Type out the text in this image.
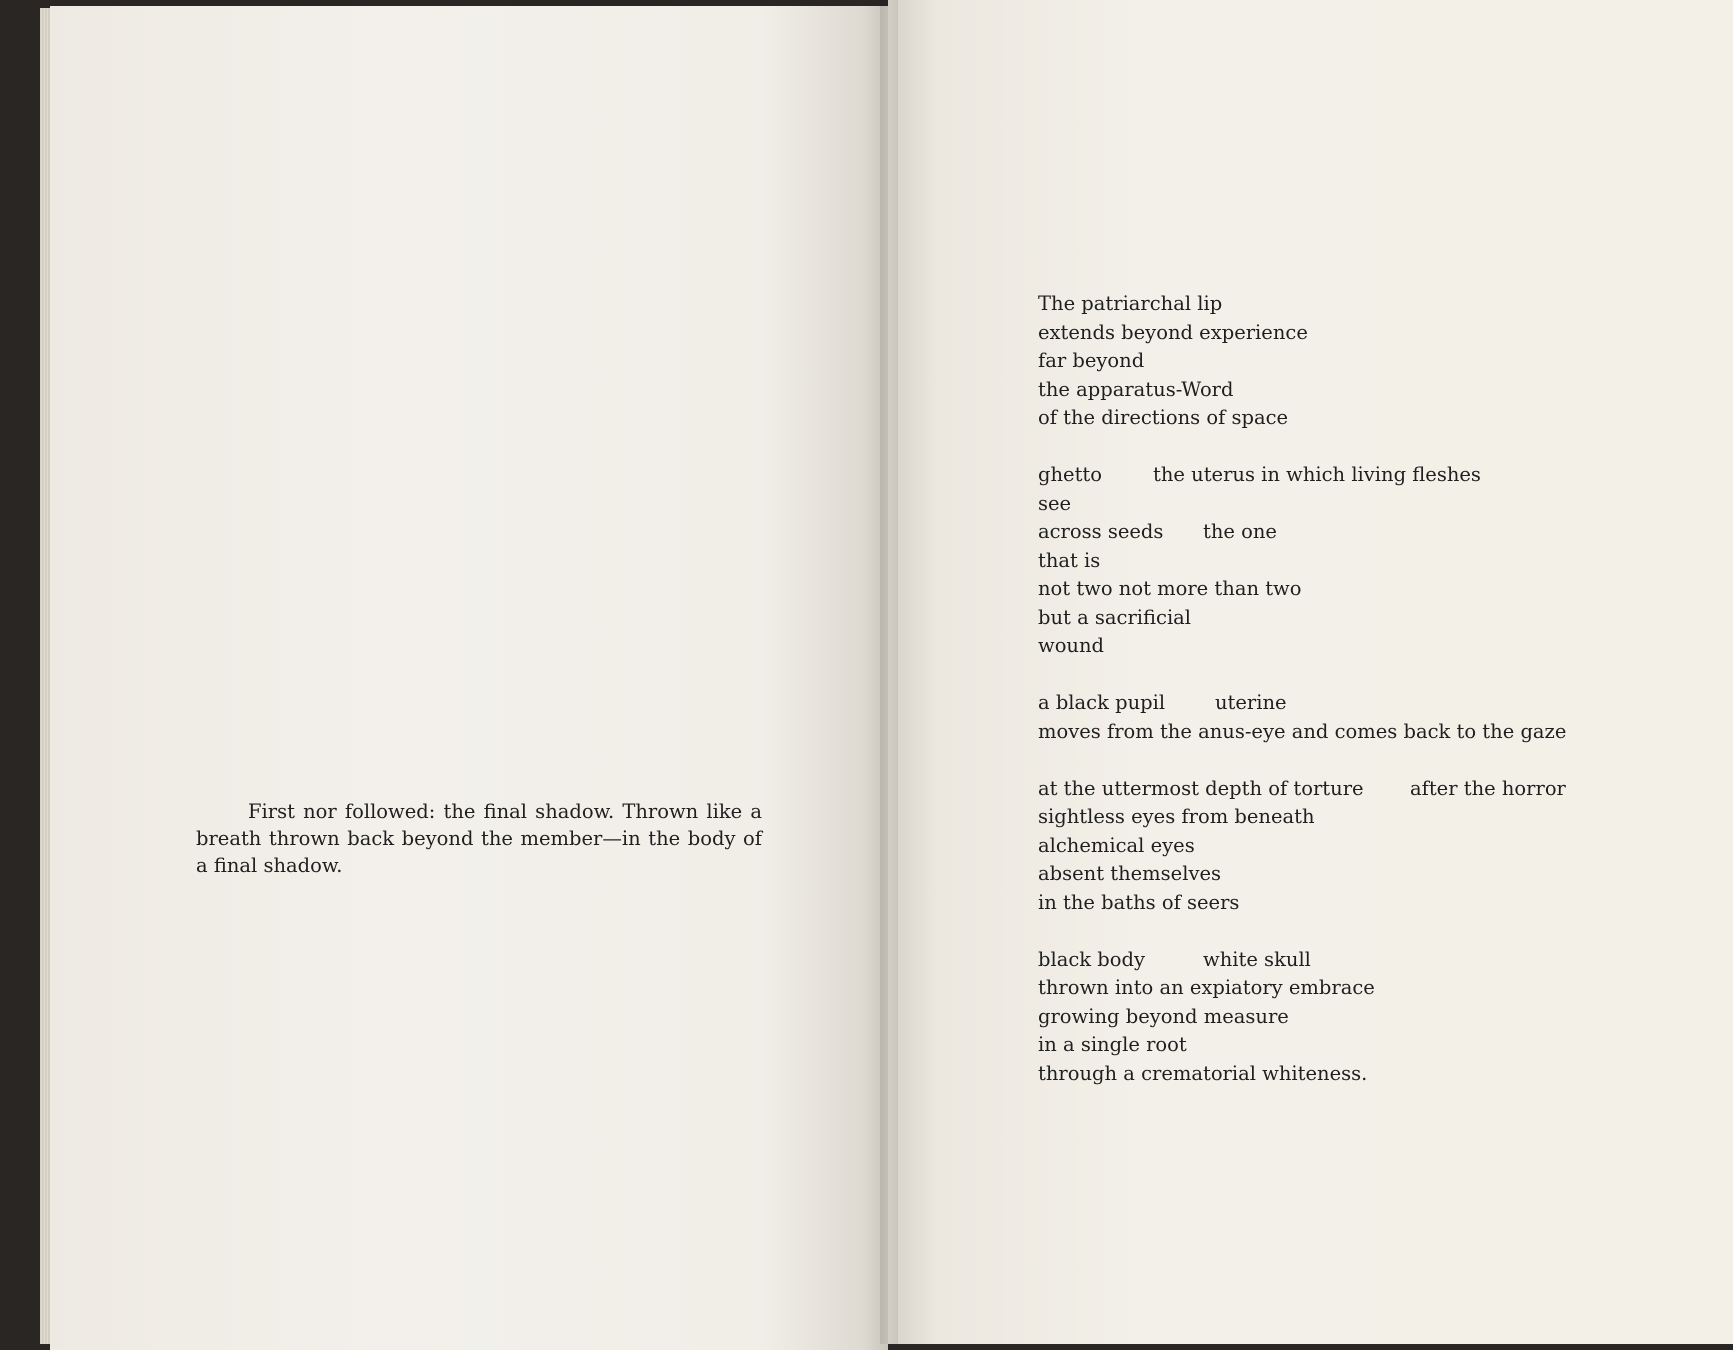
First nor followed: the final shadow. Thrown like a breath thrown back beyond the member—in the body of a final shadow.

The patriarchal lip
extends beyond experience
far beyond
the apparatus-Word
of the directions of space
ghetto	the uterus in which living fleshes
see
across seeds the one
that is
not two not more than two
but a sacrificial
wound
a black pupil	uterine
moves from the anus-eye and comes back to the gaze
at the uttermost depth of torture after the horror
sightless eyes from beneath
alchemical eyes
absent themselves
in the baths of seers
black body	white skull
thrown into an expiatory embrace
growing beyond measure
in a single root
through a crematorial whiteness.
